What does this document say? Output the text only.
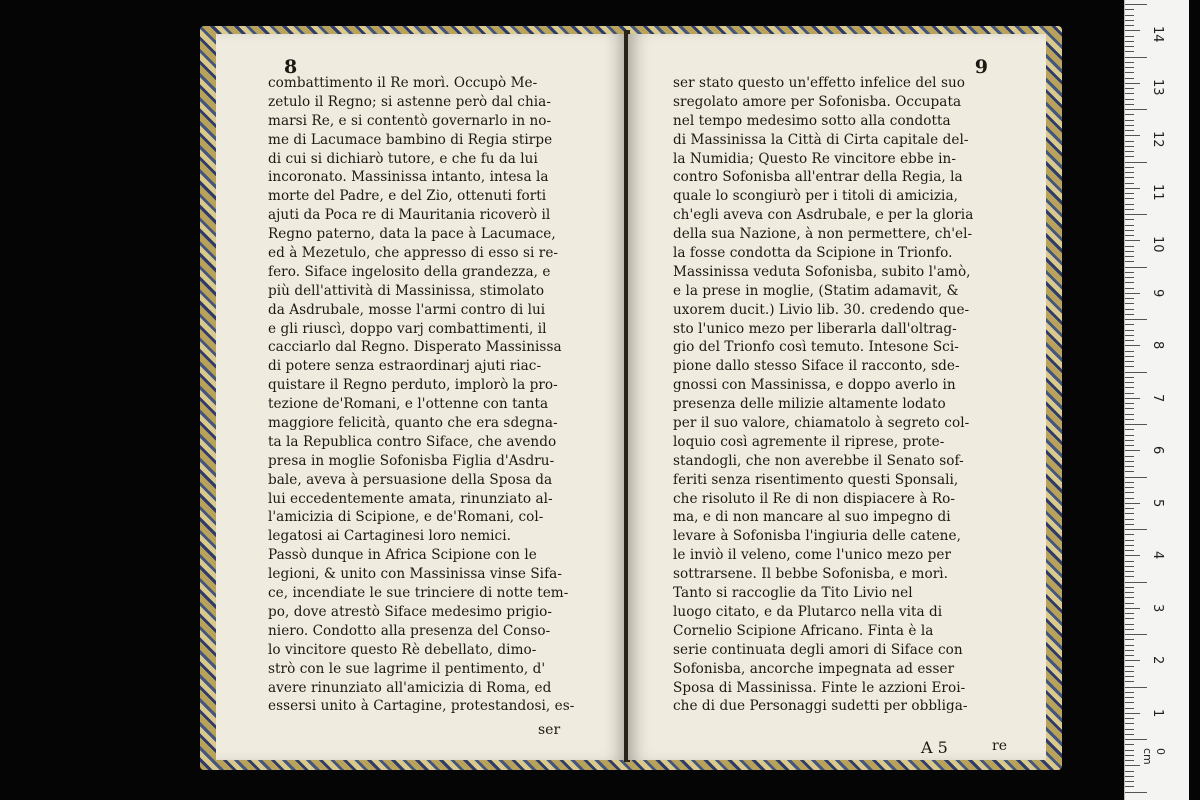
8
combattimento il Re morì. Occupò Me-
zetulo il Regno; si astenne però dal chia-
marsi Re, e si contentò governarlo in no-
me di Lacumace bambino di Regia stirpe
di cui si dichiarò tutore, e che fu da lui
incoronato. Massinissa intanto, intesa la
morte del Padre, e del Zio, ottenuti forti
ajuti da Poca re di Mauritania ricoverò il
Regno paterno, data la pace à Lacumace,
ed à Mezetulo, che appresso di esso si re-
fero. Siface ingelosito della grandezza, e
più dell'attività di Massinissa, stimolato
da Asdrubale, mosse l'armi contro di lui
e gli riuscì, doppo varj combattimenti, il
cacciarlo dal Regno. Disperato Massinissa
di potere senza estraordinarj ajuti riac-
quistare il Regno perduto, implorò la pro-
tezione de'Romani, e l'ottenne con tanta
maggiore felicità, quanto che era sdegna-
ta la Republica contro Siface, che avendo
presa in moglie Sofonisba Figlia d'Asdru-
bale, aveva à persuasione della Sposa da
lui eccedentemente amata, rinunziato al-
l'amicizia di Scipione, e de'Romani, col-
legatosi ai Cartaginesi loro nemici.
Passò dunque in Africa Scipione con le
legioni, & unito con Massinissa vinse Sifa-
ce, incendiate le sue trinciere di notte tem-
po, dove atrestò Siface medesimo prigio-
niero. Condotto alla presenza del Conso-
lo vincitore questo Rè debellato, dimo-
strò con le sue lagrime il pentimento, d'
avere rinunziato all'amicizia di Roma, ed
essersi unito à Cartagine, protestandosi, es-
ser
9
ser stato questo un'effetto infelice del suo
sregolato amore per Sofonisba. Occupata
nel tempo medesimo sotto alla condotta
di Massinissa la Città di Cirta capitale del-
la Numidia; Questo Re vincitore ebbe in-
contro Sofonisba all'entrar della Regia, la
quale lo scongiurò per i titoli di amicizia,
ch'egli aveva con Asdrubale, e per la gloria
della sua Nazione, à non permettere, ch'el-
la fosse condotta da Scipione in Trionfo.
Massinissa veduta Sofonisba, subito l'amò,
e la prese in moglie, (Statim adamavit, &
uxorem ducit.) Livio lib. 30. credendo que-
sto l'unico mezo per liberarla dall'oltrag-
gio del Trionfo così temuto. Intesone Sci-
pione dallo stesso Siface il racconto, sde-
gnossi con Massinissa, e doppo averlo in
presenza delle milizie altamente lodato
per il suo valore, chiamatolo à segreto col-
loquio così agremente il riprese, prote-
standogli, che non averebbe il Senato sof-
feriti senza risentimento questi Sponsali,
che risoluto il Re di non dispiacere à Ro-
ma, e di non mancare al suo impegno di
levare à Sofonisba l'ingiuria delle catene,
le inviò il veleno, come l'unico mezo per
sottrarsene. Il bebbe Sofonisba, e morì.
Tanto si raccoglie da Tito Livio nel
luogo citato, e da Plutarco nella vita di
Cornelio Scipione Africano. Finta è la
serie continuata degli amori di Siface con
Sofonisba, ancorche impegnata ad esser
Sposa di Massinissa. Finte le azzioni Eroi-
che di due Personaggi sudetti per obbliga-
A 5	re	0 cm
14
13
12
11
10
9
8
7
6
5
4
3
2
1
